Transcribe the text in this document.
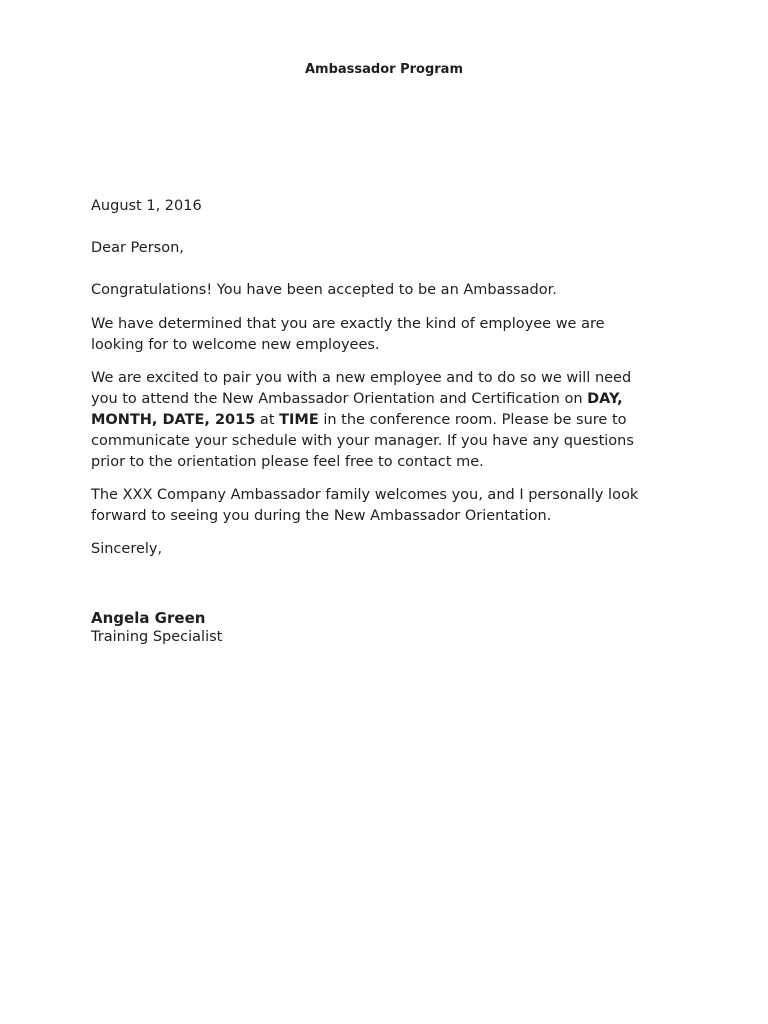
Ambassador Program
August 1, 2016
Dear Person,
Congratulations! You have been accepted to be an Ambassador.
We have determined that you are exactly the kind of employee we are
looking for to welcome new employees.
We are excited to pair you with a new employee and to do so we will need
you to attend the New Ambassador Orientation and Certification on DAY,
MONTH, DATE, 2015 at TIME in the conference room. Please be sure to
communicate your schedule with your manager. If you have any questions
prior to the orientation please feel free to contact me.
The XXX Company Ambassador family welcomes you, and I personally look
forward to seeing you during the New Ambassador Orientation.
Sincerely,
Angela Green
Training Specialist
